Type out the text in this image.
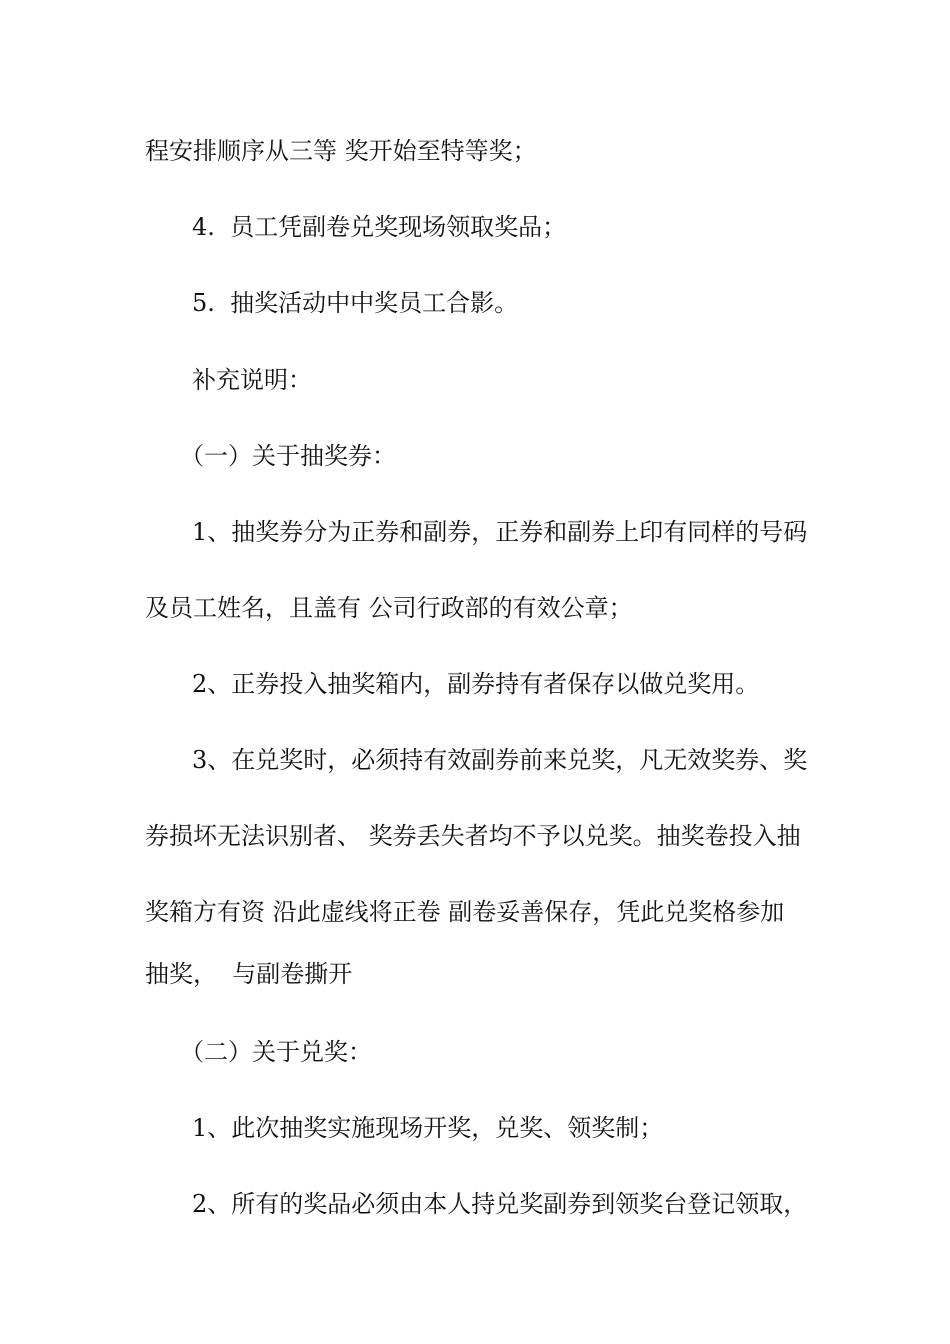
程安排顺序从三等 奖开始至特等奖；
4.  员工凭副卷兑奖现场领取奖品；
5.  抽奖活动中中奖员工合影。
补充说明：
（一）关于抽奖券：
1、抽奖券分为正券和副券，正券和副券上印有同样的号码
及员工姓名，且盖有 公司行政部的有效公章；
2、正券投入抽奖箱内，副券持有者保存以做兑奖用。
3、在兑奖时，必须持有效副券前来兑奖，凡无效奖券、奖
券损坏无法识别者、 奖券丢失者均不予以兑奖。抽奖卷投入抽
奖箱方有资 沿此虚线将正卷 副卷妥善保存，凭此兑奖格参加
抽奖，  与副卷撕开
（二）关于兑奖：
1、此次抽奖实施现场开奖，兑奖、领奖制；
2、所有的奖品必须由本人持兑奖副券到领奖台登记领取，
